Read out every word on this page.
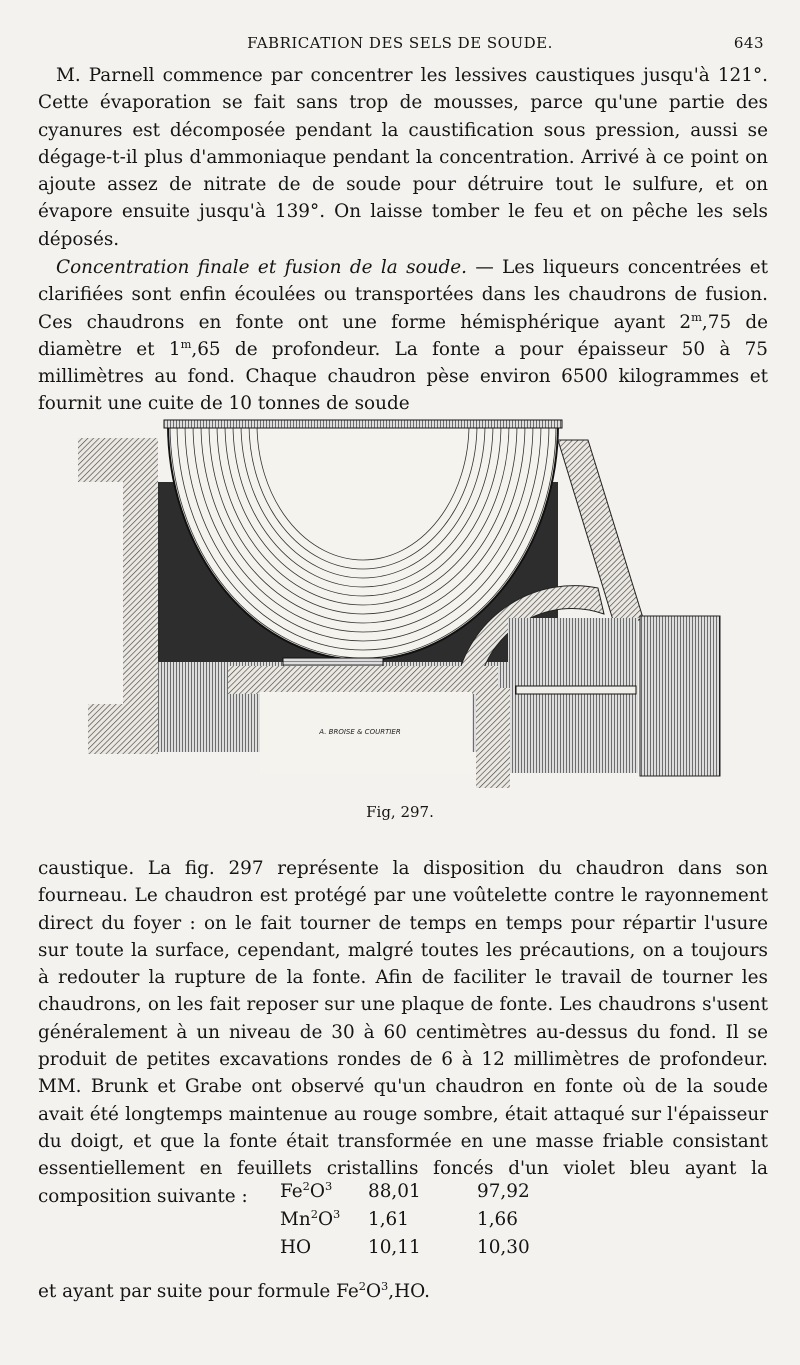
FABRICATION DES SELS DE SOUDE.	643
M. Parnell commence par concentrer les lessives caustiques jusqu'à 121°. Cette évaporation se fait sans trop de mousses, parce qu'une partie des cyanures est décomposée pendant la caustification sous pression, aussi se dégage-t-il plus d'ammoniaque pendant la concentration. Arrivé à ce point on ajoute assez de nitrate de de soude pour détruire tout le sulfure, et on évapore ensuite jusqu'à 139°. On laisse tomber le feu et on pêche les sels déposés.
Concentration finale et fusion de la soude. — Les liqueurs concentrées et clarifiées sont enfin écoulées ou transportées dans les chaudrons de fusion. Ces chaudrons en fonte ont une forme hémisphérique ayant 2$^m$,75 de diamètre et 1$^m$,65 de profondeur. La fonte a pour épaisseur 50 à 75 millimètres au fond. Chaque chaudron pèse environ 6500 kilogrammes et fournit une cuite de 10 tonnes de soude
A. BROISE & COURTIER
Fig, 297.
caustique. La fig. 297 représente la disposition du chaudron dans son fourneau. Le chaudron est protégé par une voûtelette contre le rayonnement direct du foyer : on le fait tourner de temps en temps pour répartir l'usure sur toute la surface, cependant, malgré toutes les précautions, on a toujours à redouter la rupture de la fonte. Afin de faciliter le travail de tourner les chaudrons, on les fait reposer sur une plaque de fonte. Les chaudrons s'usent généralement à un niveau de 30 à 60 centimètres au-dessus du fond. Il se produit de petites excavations rondes de 6 à 12 millimètres de profondeur. MM. Brunk et Grabe ont observé qu'un chaudron en fonte où de la soude avait été longtemps maintenue au rouge sombre, était attaqué sur l'épaisseur du doigt, et que la fonte était transformée en une masse friable consistant essentiellement en feuillets cristallins foncés d'un violet bleu ayant la composition suivante :	$Fe^2O^3$ 88,01	97,92
$Mn^2O^3$ 1,61	1,66
HO	10,11	10,30
et ayant par suite pour formule $Fe^2O^3,HO$.
